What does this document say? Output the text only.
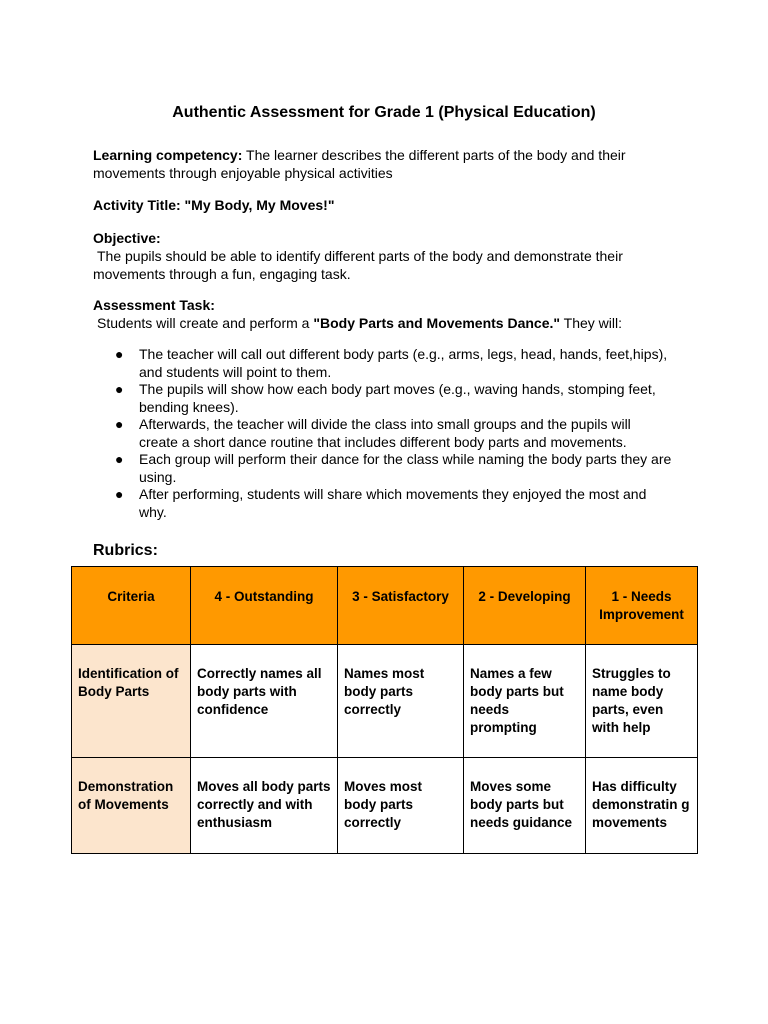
Authentic Assessment for Grade 1 (Physical Education)
Learning competency: The learner describes the different parts of the body and their movements through enjoyable physical activities
Activity Title: "My Body, My Moves!"
Objective:
The pupils should be able to identify different parts of the body and demonstrate their movements through a fun, engaging task.
Assessment Task:
Students will create and perform a "Body Parts and Movements Dance." They will:
● The teacher will call out different body parts (e.g., arms, legs, head, hands, feet,hips), and students will point to them.
● The pupils will show how each body part moves (e.g., waving hands, stomping feet, bending knees).
● Afterwards, the teacher will divide the class into small groups and the pupils will create a short dance routine that includes different body parts and movements.
● Each group will perform their dance for the class while naming the body parts they are using.
● After performing, students will share which movements they enjoyed the most and why.
Rubrics:
Criteria	4 - Outstanding	3 - Satisfactory	2 - Developing	1 - Needs Improvement
Identification of Body Parts	Correctly names all body parts with confidence	Names most body parts correctly	Names a few body parts but needs prompting	Struggles to name body parts, even with help
Demonstration of Movements	Moves all body parts correctly and with enthusiasm	Moves most body parts correctly	Moves some body parts but needs guidance	Has difficulty demonstratin g movements
